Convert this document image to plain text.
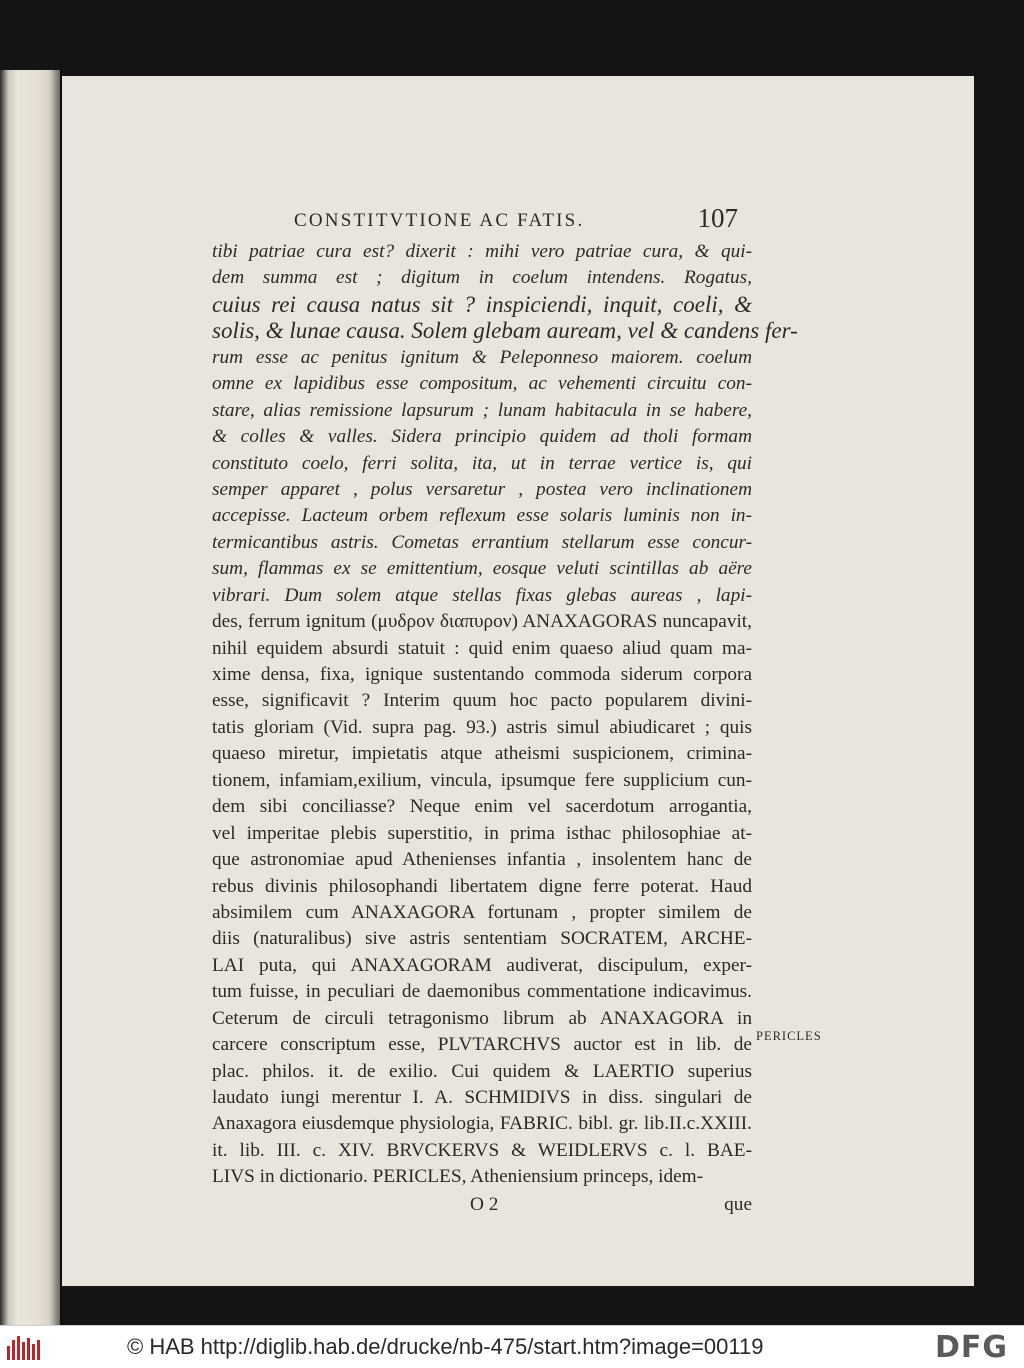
CONSTITVTIONE AC FATIS.	107
tibi patriae cura est? dixerit : mihi vero patriae cura, & qui-
dem summa est ; digitum in coelum intendens. Rogatus,
cuius rei causa natus sit ? inspiciendi, inquit, coeli, &
solis, & lunae causa. Solem glebam auream, vel & candens fer-
rum esse ac penitus ignitum & Peleponneso maiorem. coelum
omne ex lapidibus esse compositum, ac vehementi circuitu con-
stare, alias remissione lapsurum ; lunam habitacula in se habere,
& colles & valles. Sidera principio quidem ad tholi formam
constituto coelo, ferri solita, ita, ut in terrae vertice is, qui
semper apparet , polus versaretur , postea vero inclinationem
accepisse. Lacteum orbem reflexum esse solaris luminis non in-
termicantibus astris. Cometas errantium stellarum esse concur-
sum, flammas ex se emittentium, eosque veluti scintillas ab aëre
vibrari. Dum solem atque stellas fixas glebas aureas , lapi-
des, ferrum ignitum (μυδρον διαπυρον) ANAXAGORAS nuncapavit,
nihil equidem absurdi statuit : quid enim quaeso aliud quam ma-
xime densa, fixa, ignique sustentando commoda siderum corpora
esse, significavit ? Interim quum hoc pacto popularem divini-
tatis gloriam (Vid. supra pag. 93.) astris simul abiudicaret ; quis
quaeso miretur, impietatis atque atheismi suspicionem, crimina-
tionem, infamiam,exilium, vincula, ipsumque fere supplicium cun-
dem sibi conciliasse? Neque enim vel sacerdotum arrogantia,
vel imperitae plebis superstitio, in prima isthac philosophiae at-
que astronomiae apud Athenienses infantia , insolentem hanc de
rebus divinis philosophandi libertatem digne ferre poterat. Haud
absimilem cum ANAXAGORA fortunam , propter similem de
diis (naturalibus) sive astris sententiam SOCRATEM, ARCHE-
LAI puta, qui ANAXAGORAM audiverat, discipulum, exper-
tum fuisse, in peculiari de daemonibus commentatione indicavimus.
Ceterum de circuli tetragonismo librum ab ANAXAGORA in
carcere conscriptum esse, PLVTARCHVS auctor est in lib. de
plac. philos. it. de exilio. Cui quidem & LAERTIO superius
laudato iungi merentur I. A. SCHMIDIVS in diss. singulari de
Anaxagora eiusdemque physiologia, FABRIC. bibl. gr. lib.II.c.XXIII.
it. lib. III. c. XIV. BRVCKERVS & WEIDLERVS c. l. BAE-
LIVS in dictionario. PERICLES, Atheniensium princeps, idem-
O 2	que
PERICLES
© HAB http://diglib.hab.de/drucke/nb-475/start.htm?image=00119	DFG
